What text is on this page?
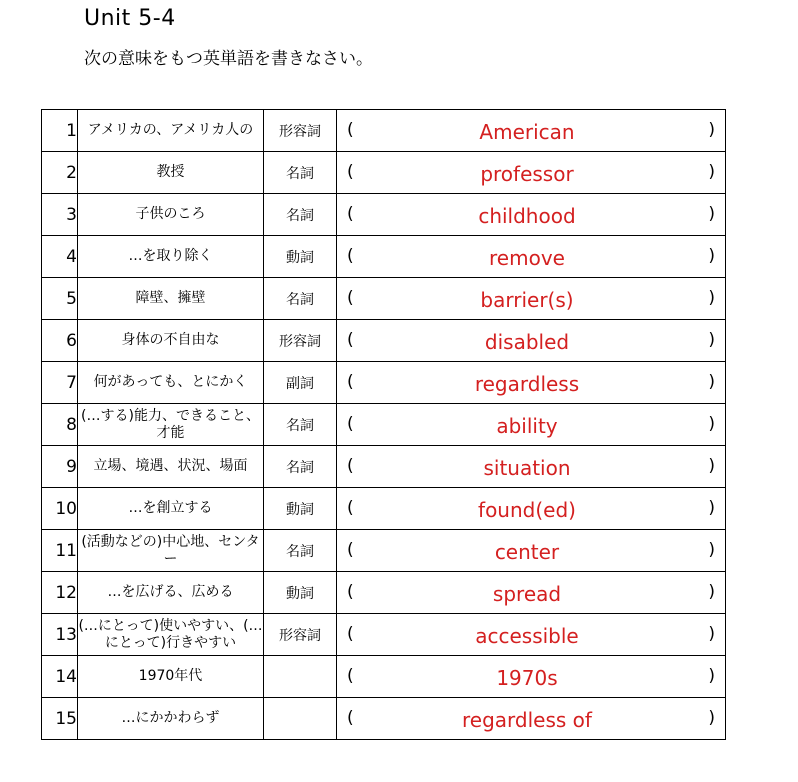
Unit 5-4
次の意味をもつ英単語を書きなさい。
1	アメリカの、アメリカ人の	形容詞	( American )

2	教授	名詞	( professor )

3	子供のころ	名詞	( childhood )

4	…を取り除く	動詞	( remove )

5	障壁、擁壁	名詞	( barrier(s) )

6	身体の不自由な	形容詞	( disabled )

7	何があっても、とにかく	副詞	( regardless )

8	(…する)能力、できること、才能	名詞	( ability )

9	立場、境遇、状況、場面	名詞	( situation )

10	…を創立する	動詞	( found(ed) )

11	(活動などの)中心地、センター	名詞	( center )

12	…を広げる、広める	動詞	( spread )

13	(…にとって)使いやすい、(…にとって)行きやすい	形容詞	( accessible )

14	1970年代		( 1970s )

15	…にかかわらず		( regardless of )
